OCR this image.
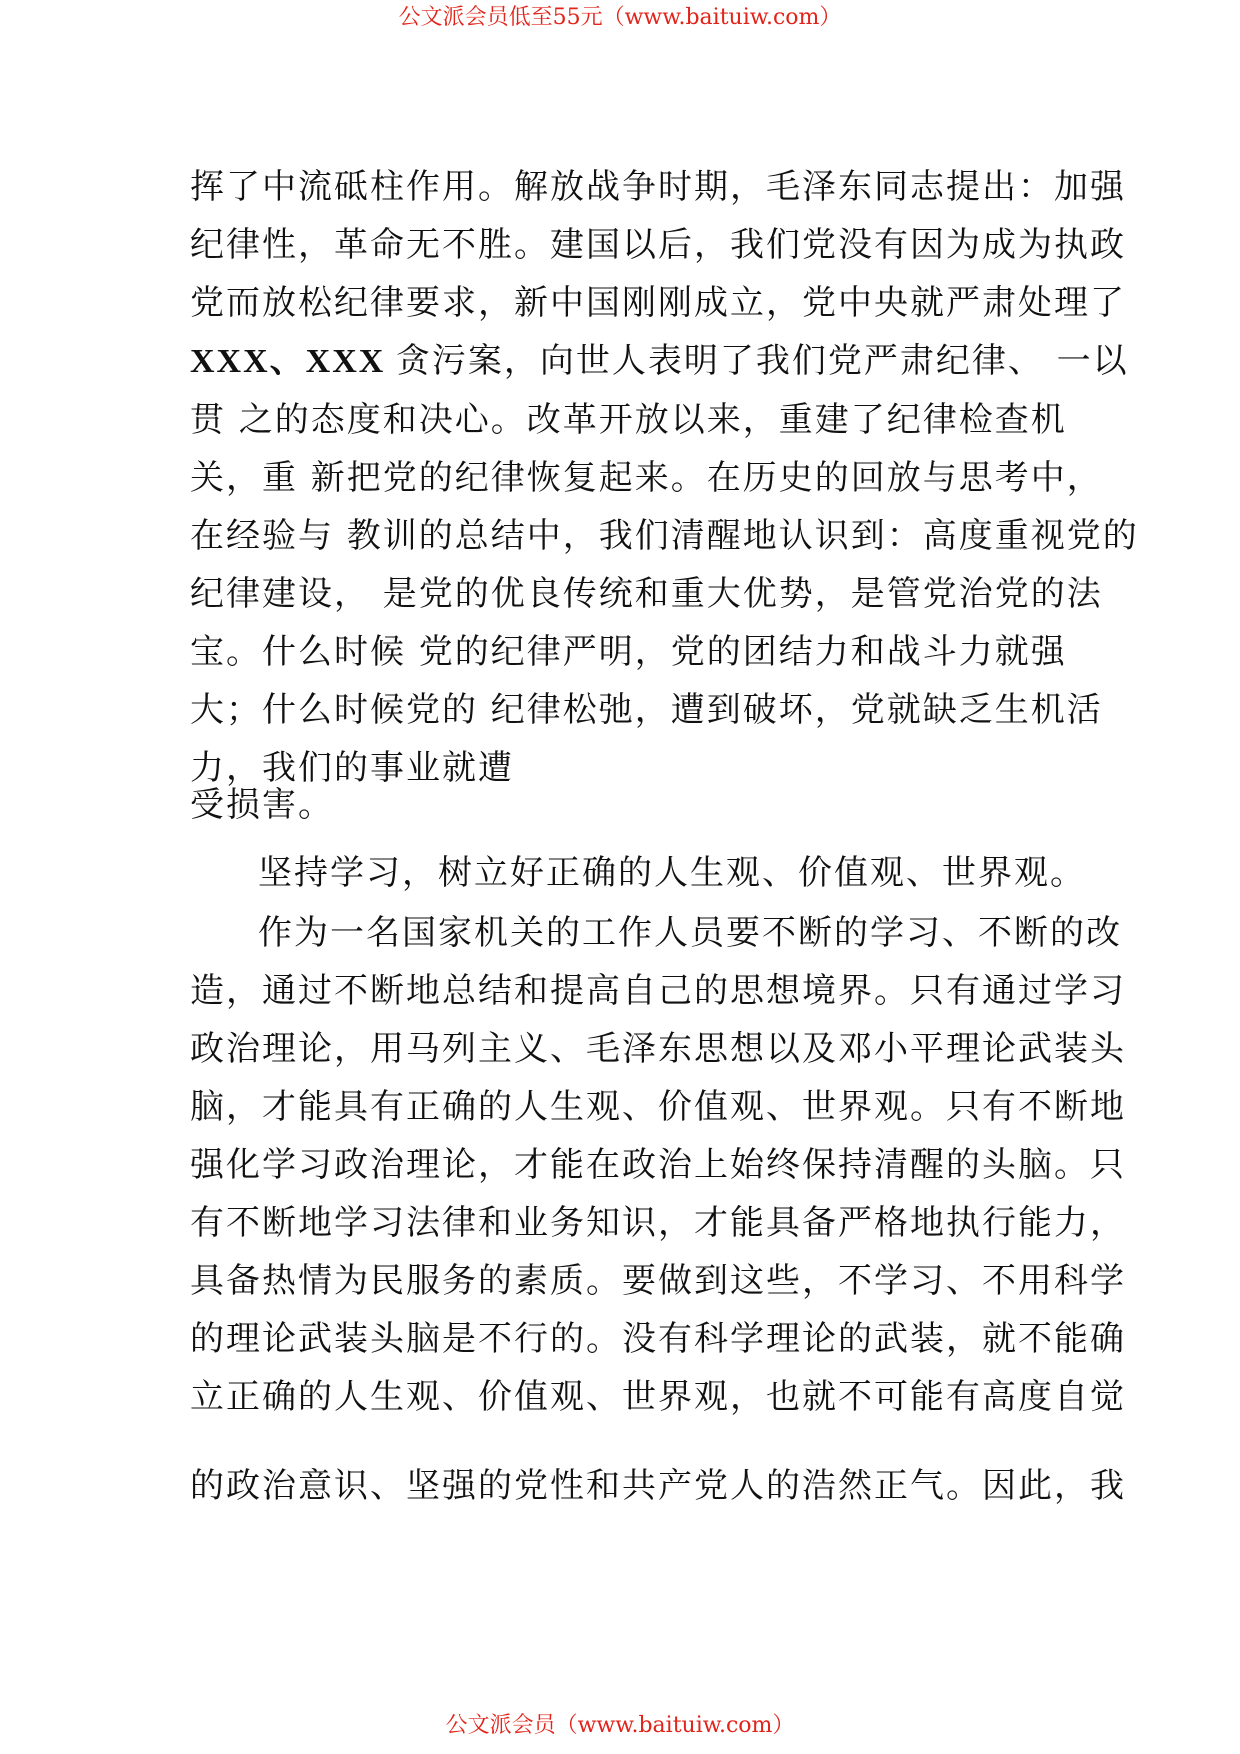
公文派会员低至55元（www.baituiw.com）
挥了中流砥柱作用。解放战争时期，毛泽东同志提出：加强
纪律性，革命无不胜。建国以后，我们党没有因为成为执政
党而放松纪律要求，新中国刚刚成立，党中央就严肃处理了
XXX、XXX 贪污案，向世人表明了我们党严肃纪律、 一以
贯 之的态度和决心。改革开放以来，重建了纪律检查机
关，重 新把党的纪律恢复起来。在历史的回放与思考中，
在经验与 教训的总结中，我们清醒地认识到：高度重视党的
纪律建设， 是党的优良传统和重大优势，是管党治党的法
宝。什么时候 党的纪律严明，党的团结力和战斗力就强
大；什么时候党的 纪律松弛，遭到破坏，党就缺乏生机活
力，我们的事业就遭
受损害。
坚持学习，树立好正确的人生观、价值观、世界观。
作为一名国家机关的工作人员要不断的学习、不断的改
造，通过不断地总结和提高自己的思想境界。只有通过学习
政治理论，用马列主义、毛泽东思想以及邓小平理论武装头
脑，才能具有正确的人生观、价值观、世界观。只有不断地
强化学习政治理论，才能在政治上始终保持清醒的头脑。只
有不断地学习法律和业务知识，才能具备严格地执行能力，
具备热情为民服务的素质。要做到这些，不学习、不用科学
的理论武装头脑是不行的。没有科学理论的武装，就不能确
立正确的人生观、价值观、世界观，也就不可能有高度自觉
的政治意识、坚强的党性和共产党人的浩然正气。因此，我
公文派会员（www.baituiw.com）
